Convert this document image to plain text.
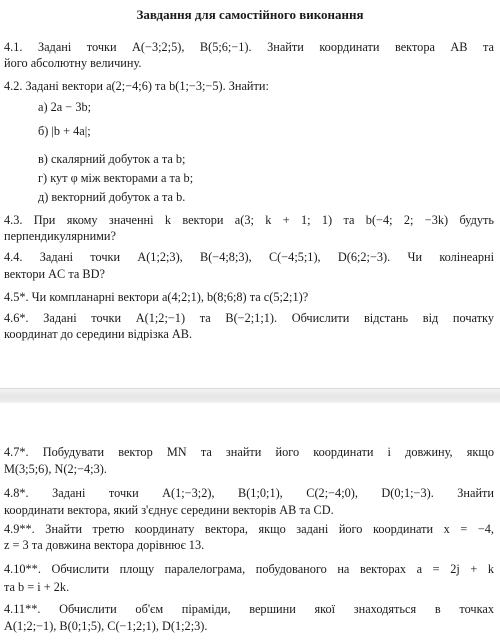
Завдання для самостійного виконання
4.1. Задані точки A(−3;2;5), B(5;6;−1). Знайти координати вектора AB та
його абсолютну величину.
4.2. Задані вектори a(2;−4;6) та b(1;−3;−5). Знайти:
а) 2a − 3b;
б) |b + 4a|;
в) скалярний добуток a та b;
г) кут φ між векторами a та b;
д) векторний добуток a та b.
4.3. При якому значенні k вектори a(3; k + 1; 1) та b(−4; 2; −3k) будуть
перпендикулярними?
4.4. Задані точки A(1;2;3), B(−4;8;3), C(−4;5;1), D(6;2;−3). Чи колінеарні
вектори AC та BD?
4.5*. Чи компланарні вектори a(4;2;1), b(8;6;8) та c(5;2;1)?
4.6*. Задані точки A(1;2;−1) та B(−2;1;1). Обчислити відстань від початку
координат до середини відрізка AB.
4.7*. Побудувати вектор MN та знайти його координати і довжину, якщо
M(3;5;6), N(2;−4;3).
4.8*. Задані точки A(1;−3;2), B(1;0;1), C(2;−4;0), D(0;1;−3). Знайти
координати вектора, який з'єднує середини векторів AB та CD.
4.9**. Знайти третю координату вектора, якщо задані його координати x = −4,
z = 3 та довжина вектора дорівнює 13.
4.10**. Обчислити площу паралелограма, побудованого на векторах a = 2j + k
та b = i + 2k.
4.11**. Обчислити об'єм піраміди, вершини якої знаходяться в точках
A(1;2;−1), B(0;1;5), C(−1;2;1), D(1;2;3).
